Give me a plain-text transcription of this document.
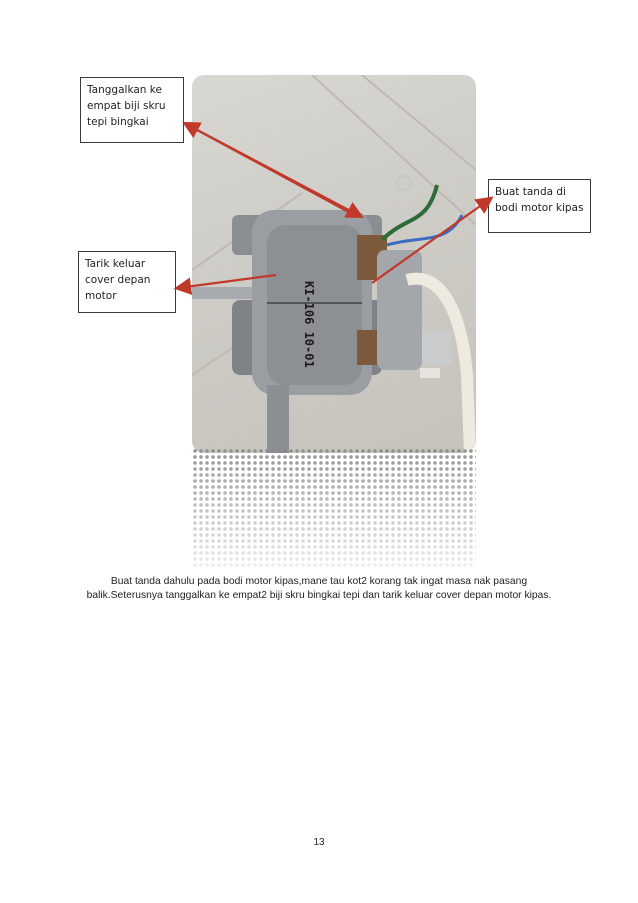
KI-106 10-01
Tanggalkan ke
empat biji skru
tepi bingkai
Buat tanda di
bodi motor kipas
Tarik keluar
cover depan
motor
Buat tanda dahulu pada bodi motor kipas,mane tau kot2 korang tak ingat masa nak pasang balik.Seterusnya tanggalkan ke empat2 biji skru bingkai tepi dan tarik keluar cover depan motor kipas.
13
